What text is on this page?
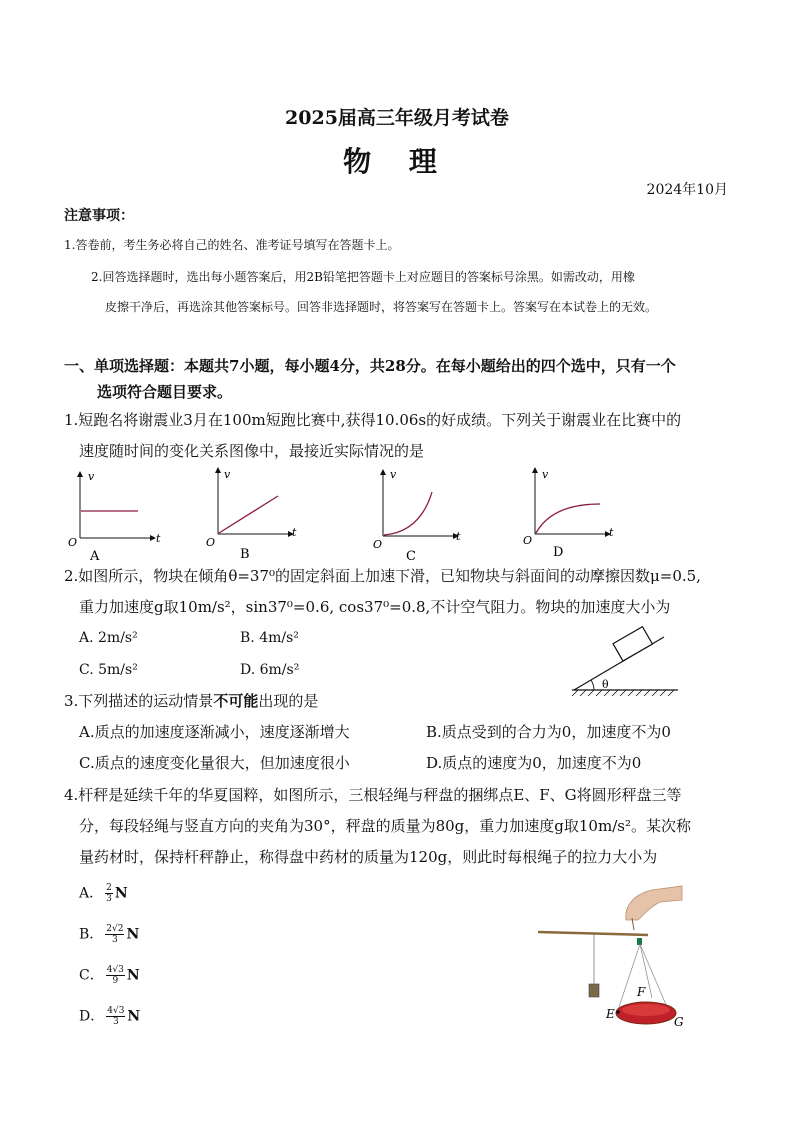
2025届高三年级月考试卷
物 理
2024年10月
注意事项：
1.答卷前，考生务必将自己的姓名、准考证号填写在答题卡上。
2.回答选择题时，选出每小题答案后，用2B铅笔把答题卡上对应题目的答案标号涂黑。如需改动，用橡
皮擦干净后，再选涂其他答案标号。回答非选择题时，将答案写在答题卡上。答案写在本试卷上的无效。
一、单项选择题：本题共7小题，每小题4分，共28分。在每小题给出的四个选中，只有一个
选项符合题目要求。
1.短跑名将谢震业3月在100m短跑比赛中,获得10.06s的好成绩。下列关于谢震业在比赛中的
速度随时间的变化关系图像中，最接近实际情况的是
v
t
O
A
v
t
O
B
v
t
O
C
v
t
O
D
2.如图所示，物块在倾角θ=37⁰的固定斜面上加速下滑，已知物块与斜面间的动摩擦因数μ=0.5,
重力加速度g取10m/s²，sin37⁰=0.6, cos37⁰=0.8,不计空气阻力。物块的加速度大小为
A. 2m/s²	B. 4m/s²
C. 5m/s²	D. 6m/s²
θ
3.下列描述的运动情景不可能出现的是
A.质点的加速度逐渐减小，速度逐渐增大	B.质点受到的合力为0，加速度不为0
C.质点的速度变化量很大，但加速度很小	D.质点的速度为0，加速度不为0
4.杆秤是延续千年的华夏国粹，如图所示，三根轻绳与秤盘的捆绑点E、F、G将圆形秤盘三等
分，每段轻绳与竖直方向的夹角为30°，秤盘的质量为80g，重力加速度g取10m/s²。某次称
量药材时，保持杆秤静止，称得盘中药材的质量为120g，则此时每根绳子的拉力大小为
A． $\frac{2}{3}$ N
B． $\frac{2√2}{3}$ N
C． $\frac{4√3}{9}$ N
D． $\frac{4√3}{3}$ N
F
E
G
